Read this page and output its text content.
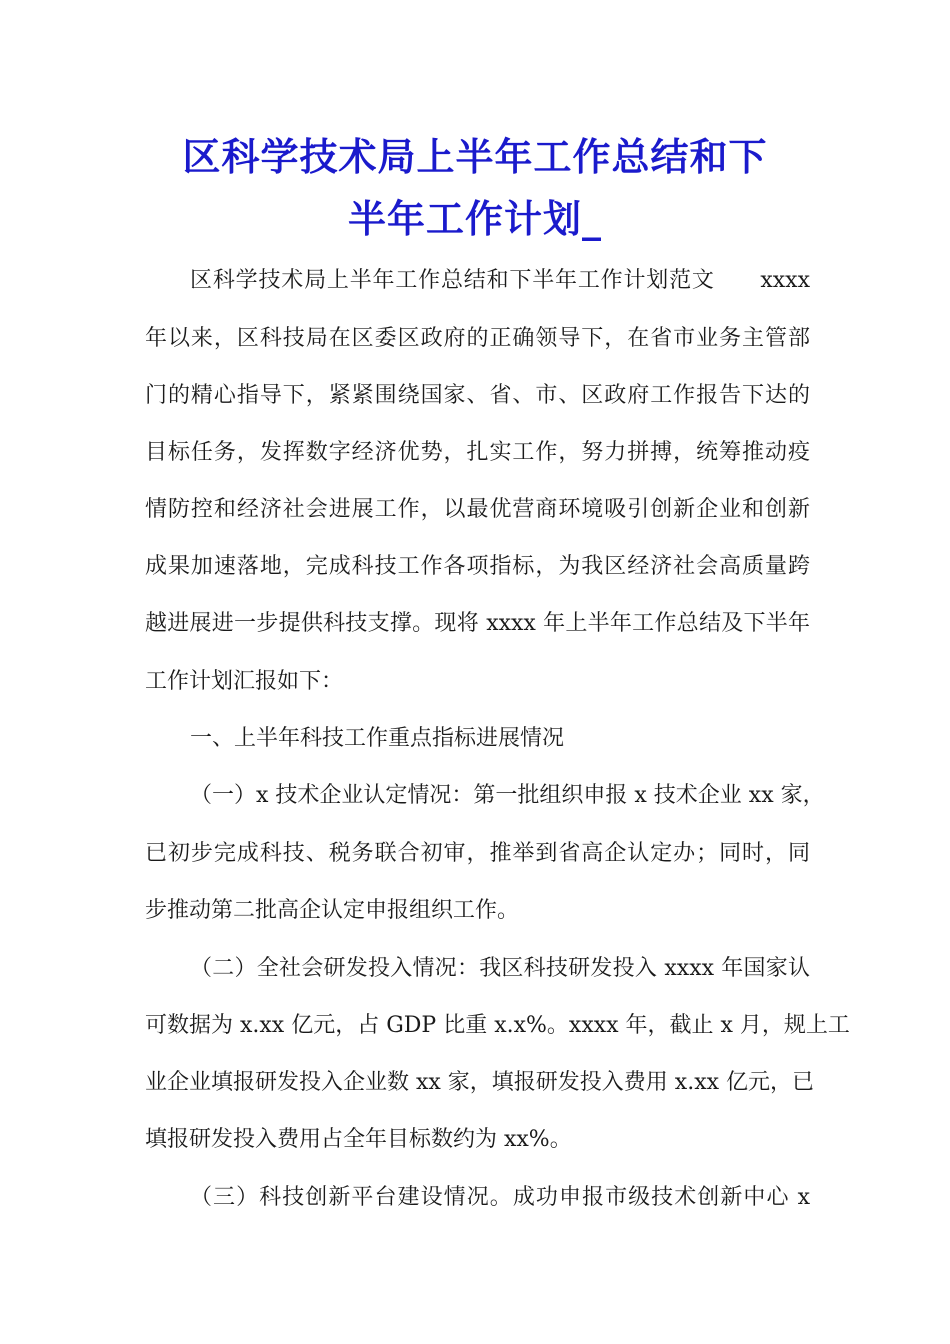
区科学技术局上半年工作总结和下
半年工作计划_

区科学技术局上半年工作总结和下半年工作计划范文　　xxxx

年以来，区科技局在区委区政府的正确领导下，在省市业务主管部

门的精心指导下，紧紧围绕国家、省、市、区政府工作报告下达的

目标任务，发挥数字经济优势，扎实工作，努力拼搏，统筹推动疫

情防控和经济社会进展工作，以最优营商环境吸引创新企业和创新

成果加速落地，完成科技工作各项指标，为我区经济社会高质量跨

越进展进一步提供科技支撑。现将 xxxx 年上半年工作总结及下半年

工作计划汇报如下：

一、上半年科技工作重点指标进展情况

（一）x 技术企业认定情况：第一批组织申报 x 技术企业 xx 家，

已初步完成科技、税务联合初审，推举到省高企认定办；同时，同

步推动第二批高企认定申报组织工作。

（二）全社会研发投入情况：我区科技研发投入 xxxx 年国家认

可数据为 x.xx 亿元，占 GDP 比重 x.x%。xxxx 年，截止 x 月，规上工

业企业填报研发投入企业数 xx 家，填报研发投入费用 x.xx 亿元，已

填报研发投入费用占全年目标数约为 xx%。

（三）科技创新平台建设情况。成功申报市级技术创新中心 x
